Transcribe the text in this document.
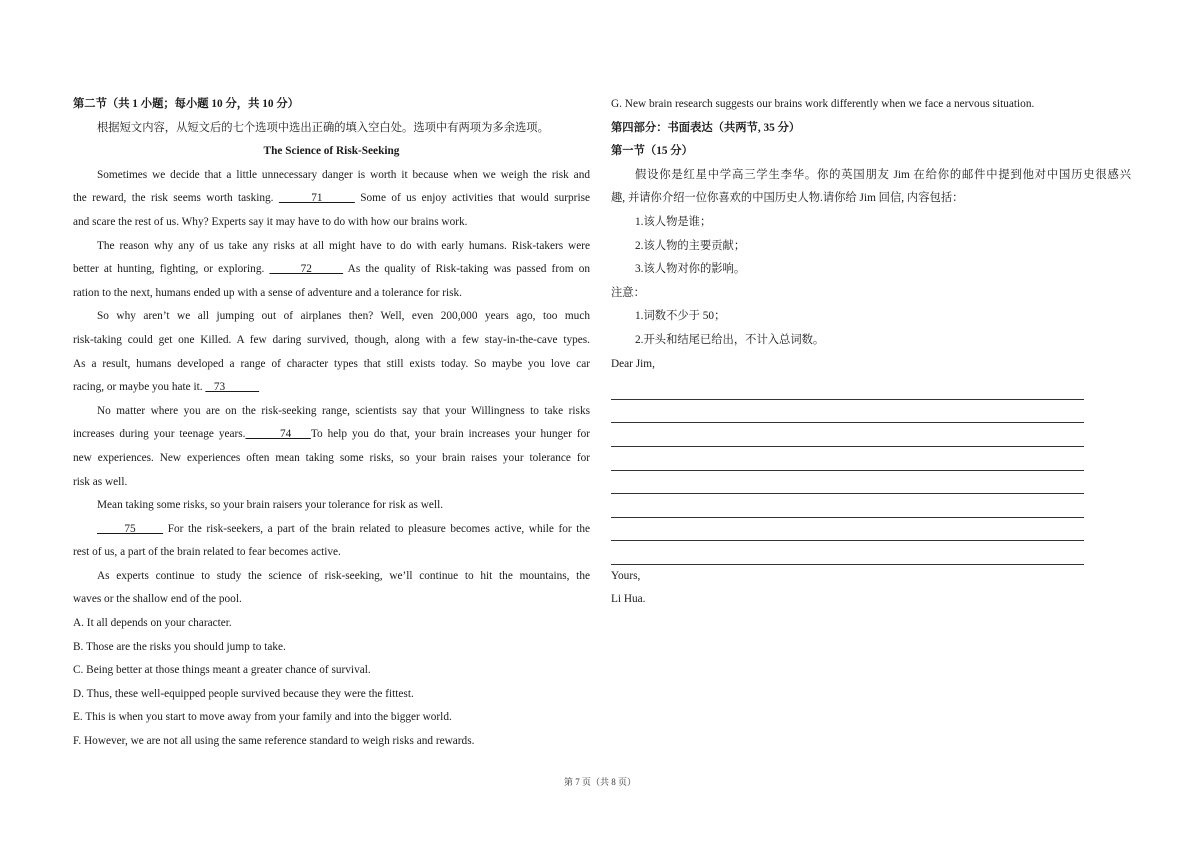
第二节（共 1 小题；每小题 10 分，共 10 分）

根据短文内容，从短文后的七个选项中选出正确的填入空白处。选项中有两项为多余选项。

The Science of Risk-Seeking

Sometimes we decide that a little unnecessary danger is worth it because when we weigh the risk and

the reward, the risk seems worth tasking.       71       Some of us enjoy activities that would surprise

and scare the rest of us. Why? Experts say it may have to do with how our brains work.

The reason why any of us take any risks at all might have to do with early humans. Risk-takers were

better at hunting, fighting, or exploring.       72       As the quality of Risk-taking was passed from on

ration to the next, humans ended up with a sense of adventure and a tolerance for risk.

So why aren’t we all jumping out of airplanes then? Well, even 200,000 years ago, too much

risk-taking could get one Killed. A few daring survived, though, along with a few stay-in-the-cave types.

As a result, humans developed a range of character types that still exists today. So maybe you love car

racing, or maybe you hate it.    73

No matter where you are on the risk-seeking range, scientists say that your Willingness to take risks

increases during your teenage years.       74    To help you do that, your brain increases your hunger for

new experiences. New experiences often mean taking some risks, so your brain raises your tolerance for

risk as well.

Mean taking some risks, so your brain raisers your tolerance for risk as well.

75       For the risk-seekers, a part of the brain related to pleasure becomes active, while for the

rest of us, a part of the brain related to fear becomes active.

As experts continue to study the science of risk-seeking, we’ll continue to hit the mountains, the

waves or the shallow end of the pool.

A. It all depends on your character.

B. Those are the risks you should jump to take.

C. Being better at those things meant a greater chance of survival.

D. Thus, these well-equipped people survived because they were the fittest.

E. This is when you start to move away from your family and into the bigger world.

F. However, we are not all using the same reference standard to weigh risks and rewards.

G. New brain research suggests our brains work differently when we face a nervous situation.

第四部分：书面表达（共两节, 35 分）

第一节（15 分）

假设你是红星中学高三学生李华。你的英国朋友 Jim 在给你的邮件中提到他对中国历史很感兴

趣, 并请你介绍一位你喜欢的中国历史人物.请你给 Jim 回信, 内容包括：

1.该人物是谁；

2.该人物的主要贡献；

3.该人物对你的影响。

注意：

1.词数不少于 50；

2.开头和结尾已给出，不计入总词数。

Dear Jim,

Yours,

Li Hua.

第 7 页（共 8 页）
